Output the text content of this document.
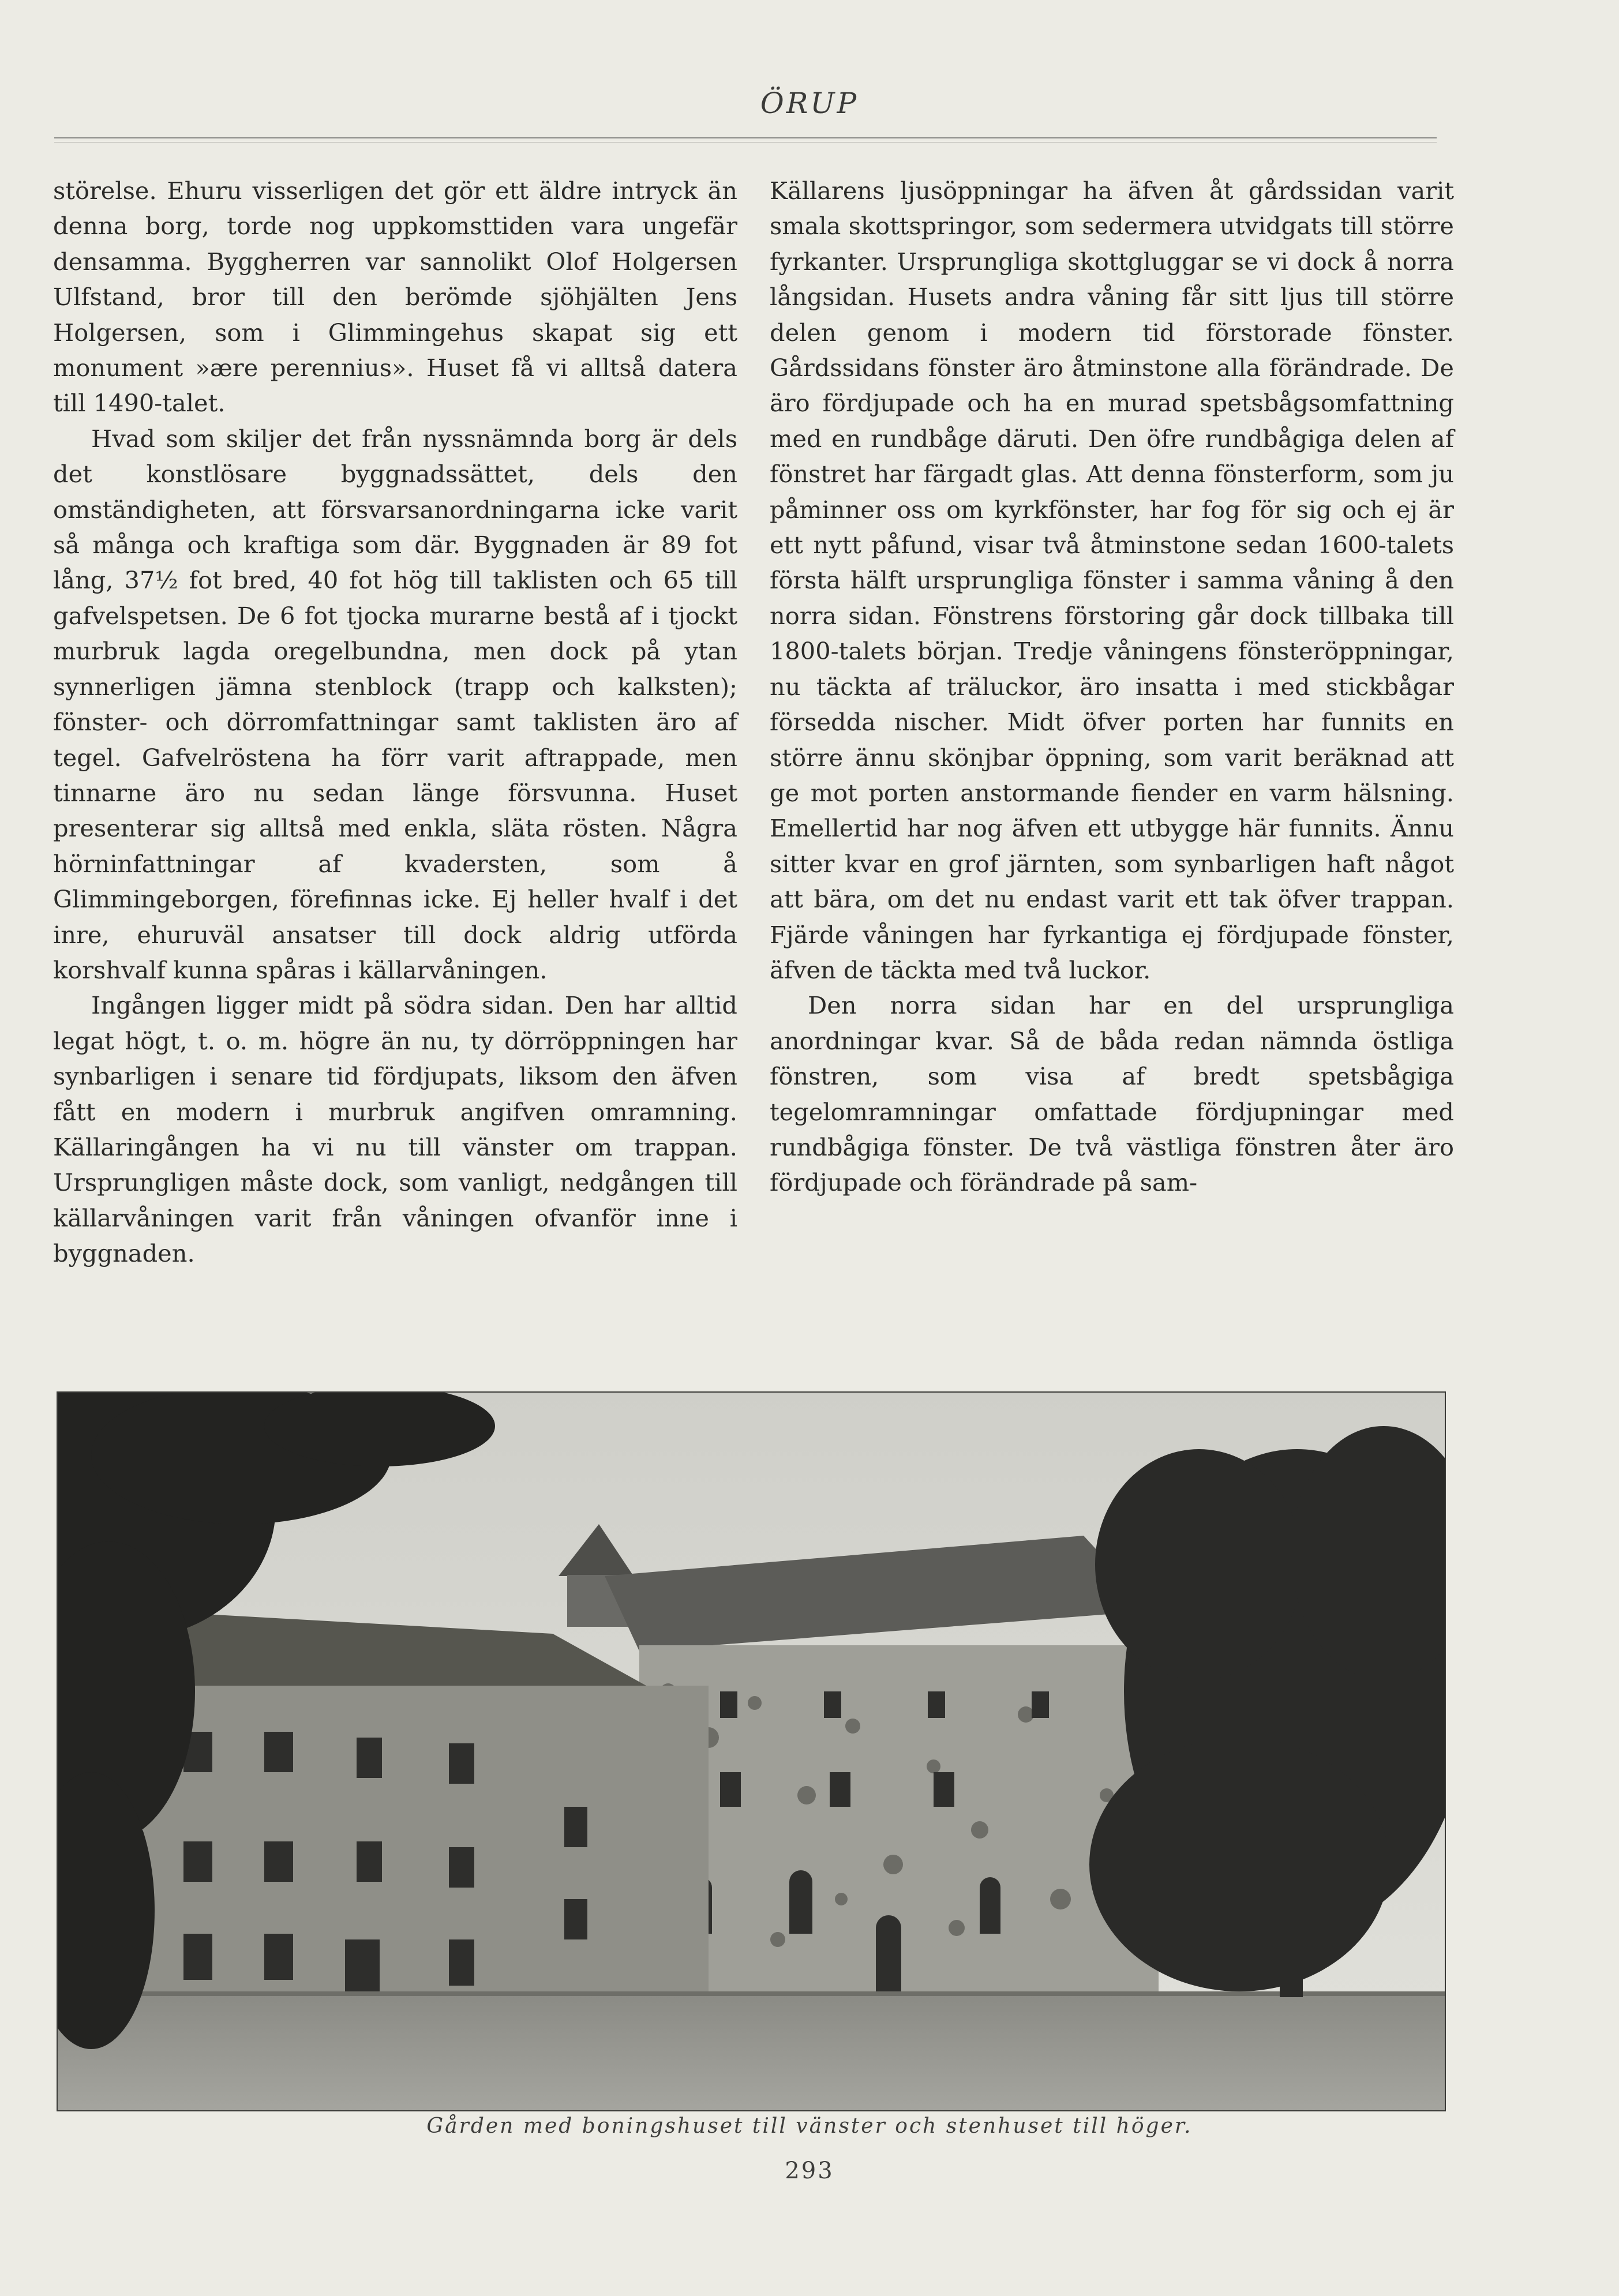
ÖRUP

störelse. Ehuru visserligen det gör ett äldre intryck än denna borg, torde nog uppkomsttiden vara ungefär densamma. Byggherren var sannolikt Olof Holgersen Ulfstand, bror till den berömde sjöhjälten Jens Holgersen, som i Glimmingehus skapat sig ett monument »ære perennius». Huset få vi alltså datera till 1490-talet.

Hvad som skiljer det från nyssnämnda borg är dels det konstlösare byggnadssättet, dels den omständigheten, att försvarsanordningarna icke varit så många och kraftiga som där. Byggnaden är 89 fot lång, 37½ fot bred, 40 fot hög till taklisten och 65 till gafvelspetsen. De 6 fot tjocka murarne bestå af i tjockt murbruk lagda oregelbundna, men dock på ytan synnerligen jämna stenblock (trapp och kalksten); fönster- och dörromfattningar samt taklisten äro af tegel. Gafvelröstena ha förr varit aftrappade, men tinnarne äro nu sedan länge försvunna. Huset presenterar sig alltså med enkla, släta rösten. Några hörninfattningar af kvadersten, som å Glimmingeborgen, förefinnas icke. Ej heller hvalf i det inre, ehuruväl ansatser till dock aldrig utförda korshvalf kunna spåras i källarvåningen.

Ingången ligger midt på södra sidan. Den har alltid legat högt, t. o. m. högre än nu, ty dörröppningen har synbarligen i senare tid fördjupats, liksom den äfven fått en modern i murbruk angifven omramning. Källaringången ha vi nu till vänster om trappan. Ursprungligen måste dock, som vanligt, nedgången till källarvåningen varit från våningen ofvanför inne i byggnaden.

Källarens ljusöppningar ha äfven åt gårdssidan varit smala skottspringor, som sedermera utvidgats till större fyrkanter. Ursprungliga skottgluggar se vi dock å norra långsidan. Husets andra våning får sitt ljus till större delen genom i modern tid förstorade fönster. Gårdssidans fönster äro åtminstone alla förändrade. De äro fördjupade och ha en murad spetsbågsomfattning med en rundbåge däruti. Den öfre rundbågiga delen af fönstret har färgadt glas. Att denna fönsterform, som ju påminner oss om kyrkfönster, har fog för sig och ej är ett nytt påfund, visar två åtminstone sedan 1600-talets första hälft ursprungliga fönster i samma våning å den norra sidan. Fönstrens förstoring går dock tillbaka till 1800-talets början. Tredje våningens fönsteröppningar, nu täckta af träluckor, äro insatta i med stickbågar försedda nischer. Midt öfver porten har funnits en större ännu skönjbar öppning, som varit beräknad att ge mot porten anstormande fiender en varm hälsning. Emellertid har nog äfven ett utbygge här funnits. Ännu sitter kvar en grof järnten, som synbarligen haft något att bära, om det nu endast varit ett tak öfver trappan. Fjärde våningen har fyrkantiga ej fördjupade fönster, äfven de täckta med två luckor.

Den norra sidan har en del ursprungliga anordningar kvar. Så de båda redan nämnda östliga fönstren, som visa af bredt spetsbågiga tegelomramningar omfattade fördjupningar med rundbågiga fönster. De två västliga fönstren åter äro fördjupade och förändrade på sam-

Gården med boningshuset till vänster och stenhuset till höger.
293
